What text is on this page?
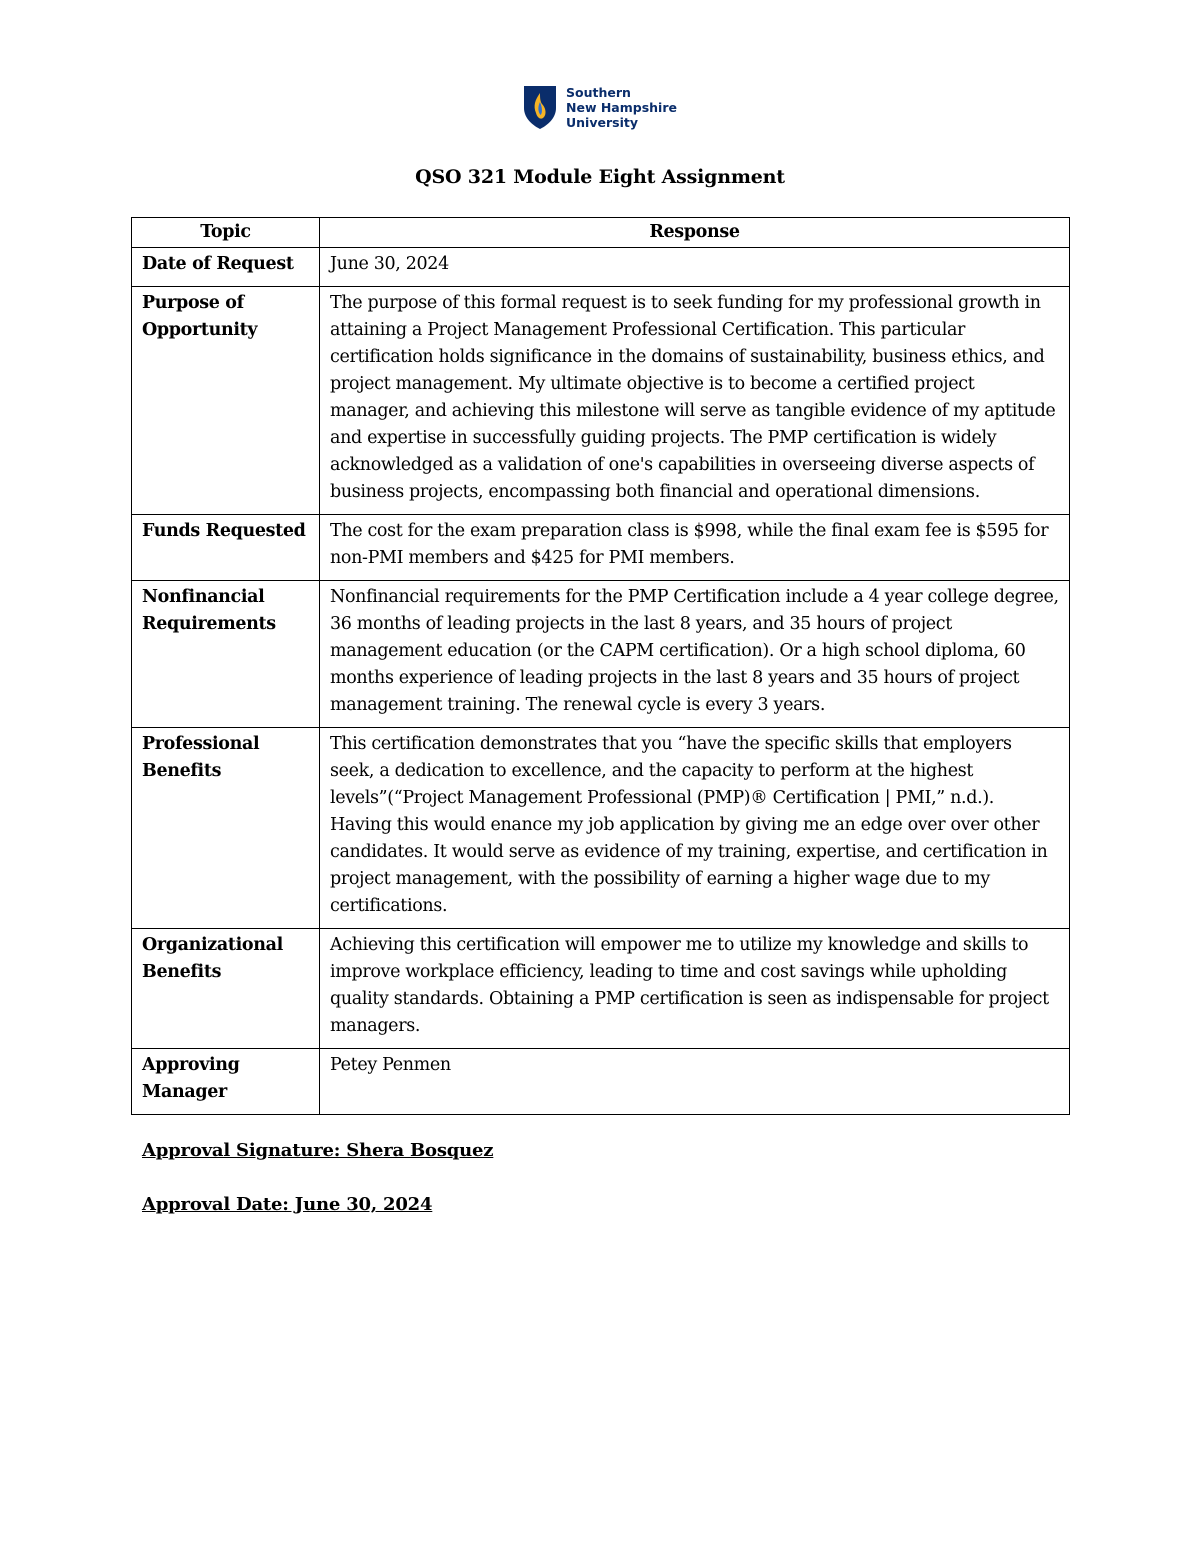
Southern
New Hampshire
University
QSO 321 Module Eight Assignment
Topic	Response
Date of Request	June 30, 2024
Purpose of Opportunity	The purpose of this formal request is to seek funding for my professional growth in attaining a Project Management Professional Certification. This particular certification holds significance in the domains of sustainability, business ethics, and project management. My ultimate objective is to become a certified project manager, and achieving this milestone will serve as tangible evidence of my aptitude and expertise in successfully guiding projects. The PMP certification is widely acknowledged as a validation of one's capabilities in overseeing diverse aspects of business projects, encompassing both financial and operational dimensions.
Funds Requested	The cost for the exam preparation class is $998, while the final exam fee is $595 for non-PMI members and $425 for PMI members.
Nonfinancial Requirements	Nonfinancial requirements for the PMP Certification include a 4 year college degree, 36 months of leading projects in the last 8 years, and 35 hours of project management education (or the CAPM certification). Or a high school diploma, 60 months experience of leading projects in the last 8 years and 35 hours of project management training. The renewal cycle is every 3 years.
Professional Benefits	This certification demonstrates that you “have the specific skills that employers seek, a dedication to excellence, and the capacity to perform at the highest levels”(“Project Management Professional (PMP)® Certification | PMI,” n.d.). Having this would enance my job application by giving me an edge over over other candidates. It would serve as evidence of my training, expertise, and certification in project management, with the possibility of earning a higher wage due to my certifications.
Organizational Benefits	Achieving this certification will empower me to utilize my knowledge and skills to improve workplace efficiency, leading to time and cost savings while upholding quality standards. Obtaining a PMP certification is seen as indispensable for project managers.
Approving Manager	Petey Penmen
Approval Signature: Shera Bosquez
Approval Date: June 30, 2024
